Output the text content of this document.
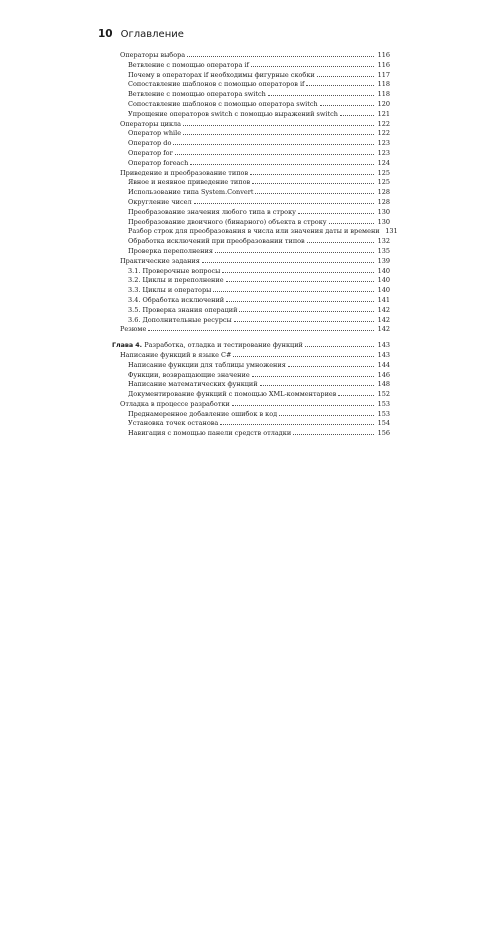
10 Оглавление
Операторы выбора	116
Ветвление с помощью оператора if	116
Почему в операторах if необходимы фигурные скобки	117
Сопоставление шаблонов с помощью операторов if	118
Ветвление с помощью оператора switch	118
Сопоставление шаблонов с помощью оператора switch	120
Упрощение операторов switch с помощью выражений switch	121
Операторы цикла	122
Оператор while	122
Оператор do	123
Оператор for	123
Оператор foreach	124
Приведение и преобразование типов	125
Явное и неявное приведение типов	125
Использование типа System.Convert	128
Округление чисел	128
Преобразование значения любого типа в строку	130
Преобразование двоичного (бинарного) объекта в строку	130
Разбор строк для преобразования в числа или значения даты и времени 131
Обработка исключений при преобразовании типов	132
Проверка переполнения	135
Практические задания	139
3.1. Проверочные вопросы	140
3.2. Циклы и переполнение	140
3.3. Циклы и операторы	140
3.4. Обработка исключений	141
3.5. Проверка знания операций	142
3.6. Дополнительные ресурсы	142
Резюме	142
Глава 4. Разработка, отладка и тестирование функций	143
Написание функций в языке C#	143
Написание функции для таблицы умножения	144
Функции, возвращающие значение	146
Написание математических функций	148
Документирование функций с помощью XML-комментариев	152
Отладка в процессе разработки	153
Преднамеренное добавление ошибок в код	153
Установка точек останова	154
Навигация с помощью панели средств отладки	156
